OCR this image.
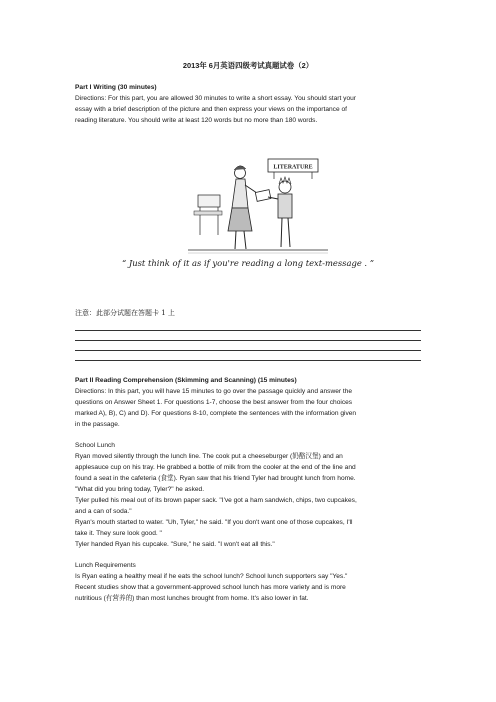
2013年 6月英语四级考试真题试卷（2）
Part I Writing (30 minutes)
Directions: For this part, you are allowed 30 minutes to write a short essay. You should start your
essay with a brief description of the picture and then express your views on the importance of
reading literature. You should write at least 120 words but no more than 180 words.
LITERATURE
“ Just think of it as if you're reading a long text-message . ”
注意：此部分试题在答题卡 1 上
Part II Reading Comprehension (Skimming and Scanning) (15 minutes)
Directions: In this part, you will have 15 minutes to go over the passage quickly and answer the
questions on Answer Sheet 1. For questions 1-7, choose the best answer from the four choices
marked A), B), C) and D). For questions 8-10, complete the sentences with the information given
in the passage.
School Lunch
Ryan moved silently through the lunch line. The cook put a cheeseburger (奶酪汉堡) and an
applesauce cup on his tray. He grabbed a bottle of milk from the cooler at the end of the line and
found a seat in the cafeteria (食堂). Ryan saw that his friend Tyler had brought lunch from home.
"What did you bring today, Tyler?" he asked.
Tyler pulled his meal out of its brown paper sack. "I've got a ham sandwich, chips, two cupcakes,
and a can of soda."
Ryan's mouth started to water. "Uh, Tyler," he said. "If you don't want one of those cupcakes, I'll
take it. They sure look good. "
Tyler handed Ryan his cupcake. "Sure," he said. "I won't eat all this."
Lunch Requirements
Is Ryan eating a healthy meal if he eats the school lunch? School lunch supporters say "Yes."
Recent studies show that a government-approved school lunch has more variety and is more
nutritious (有营养的) than most lunches brought from home. It's also lower in fat.
